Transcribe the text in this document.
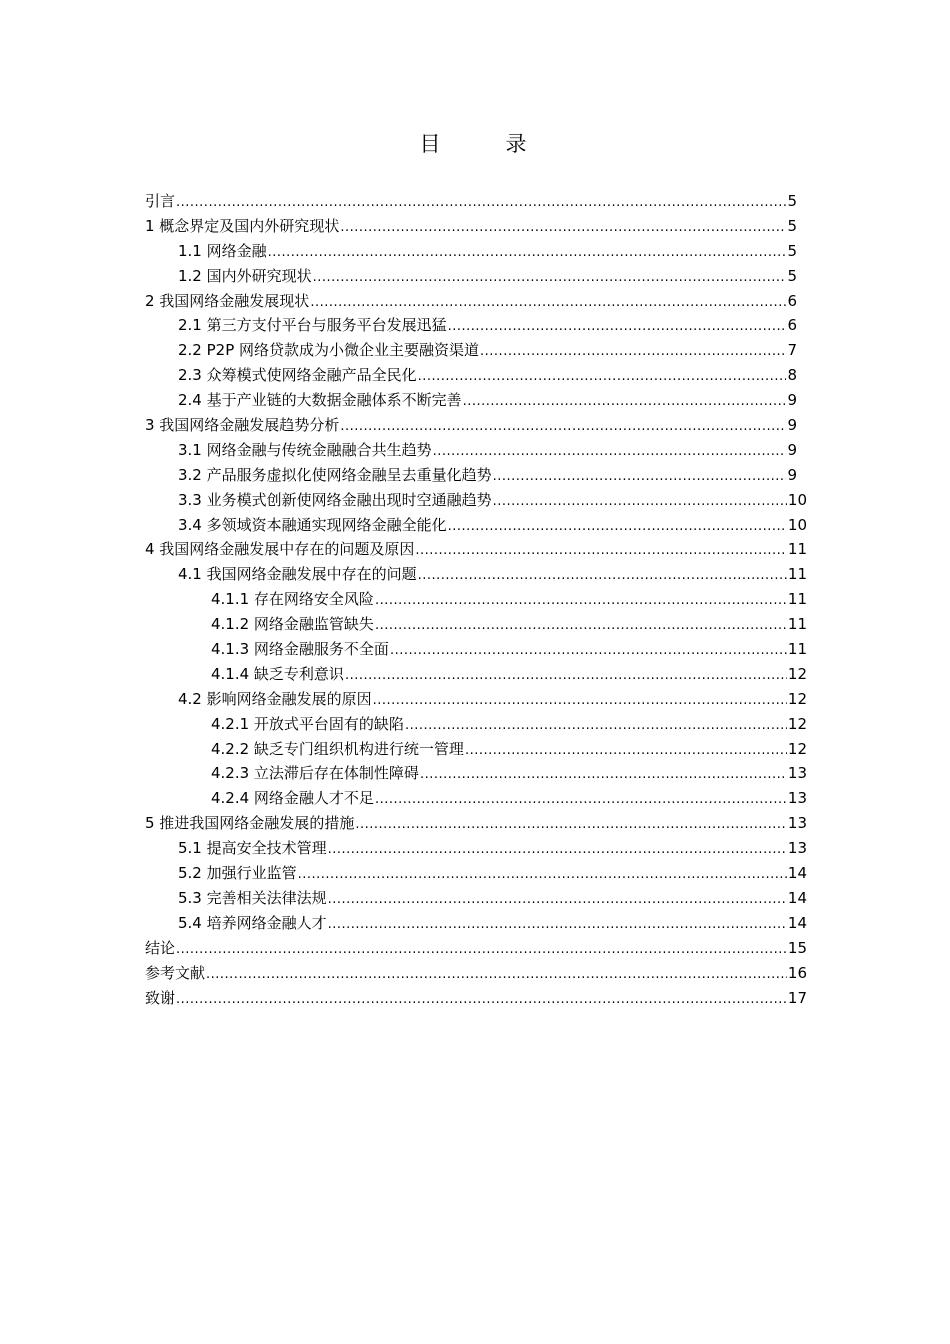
目　录
引言 .....	5
1 概念界定及国内外研究现状 .....	5
1.1 网络金融 .....	5
1.2 国内外研究现状 .....	5
2 我国网络金融发展现状 .....	6
2.1 第三方支付平台与服务平台发展迅猛 .....	6
2.2 P2P 网络贷款成为小微企业主要融资渠道 .....	7
2.3 众筹模式使网络金融产品全民化 .....	8
2.4 基于产业链的大数据金融体系不断完善 .....	9
3 我国网络金融发展趋势分析 .....	9
3.1 网络金融与传统金融融合共生趋势 .....	9
3.2 产品服务虚拟化使网络金融呈去重量化趋势 .....	9
3.3 业务模式创新使网络金融出现时空通融趋势 .....	10
3.4 多领域资本融通实现网络金融全能化 .....	10
4 我国网络金融发展中存在的问题及原因 .....	11
4.1 我国网络金融发展中存在的问题 .....	11
4.1.1 存在网络安全风险 .....	11
4.1.2 网络金融监管缺失 .....	11
4.1.3 网络金融服务不全面 .....	11
4.1.4 缺乏专利意识 .....	12
4.2 影响网络金融发展的原因 .....	12
4.2.1 开放式平台固有的缺陷 .....	12
4.2.2 缺乏专门组织机构进行统一管理 .....	12
4.2.3 立法滞后存在体制性障碍 .....	13
4.2.4 网络金融人才不足 .....	13
5 推进我国网络金融发展的措施 .....	13
5.1 提高安全技术管理 .....	13
5.2 加强行业监管 .....	14
5.3 完善相关法律法规 .....	14
5.4 培养网络金融人才 .....	14
结论 .....	15
参考文献 .....	16
致谢 .....	17
